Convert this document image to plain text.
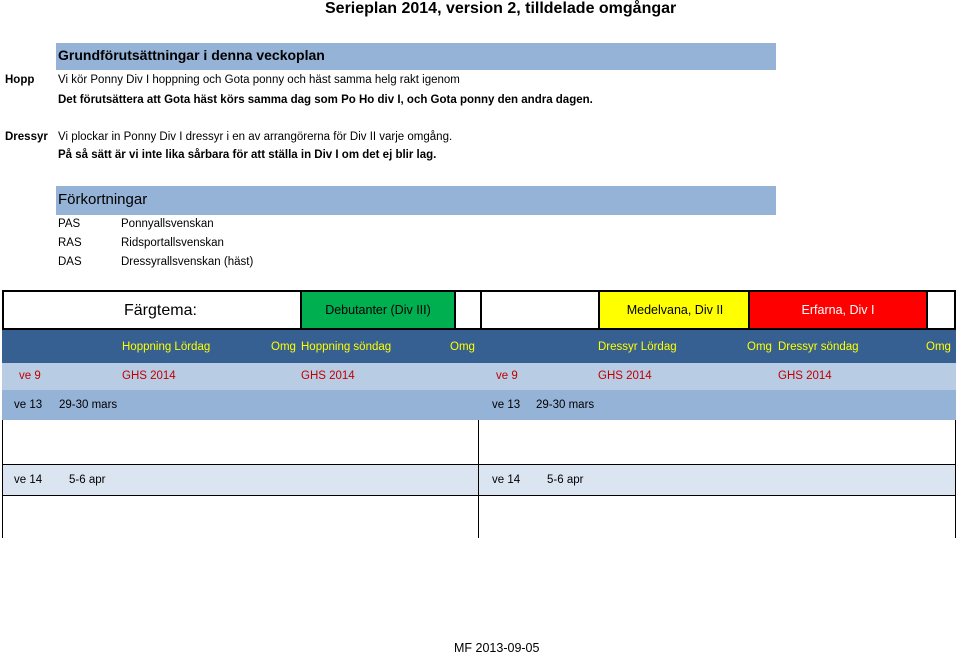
Serieplan 2014, version 2, tilldelade omgångar
Grundförutsättningar i denna veckoplan
Hopp Vi kör Ponny Div I hoppning och Gota ponny och häst samma helg rakt igenom
Det förutsättera att Gota häst körs samma dag som Po Ho div I, och Gota ponny den andra dagen.
Dressyr Vi plockar in Ponny Div I dressyr i en av arrangörerna för Div II varje omgång.
På så sätt är vi inte lika sårbara för att ställa in Div I om det ej blir lag.
Förkortningar
PAS	Ponnyallsvenskan
RAS	Ridsportallsvenskan
DAS	Dressyrallsvenskan (häst)
Färgtema:	Debutanter (Div III)	Medelvana, Div II	Erfarna, Div I
Hoppning Lördag	Omg Hoppning söndag	Omg	Dressyr Lördag	Omg Dressyr söndag	Omg
ve 9	GHS 2014	GHS 2014	ve 9	GHS 2014	GHS 2014
ve 13 29-30 mars	ve 13 29-30 mars
ve 14 5-6 apr	ve 14 5-6 apr
MF 2013-09-05
